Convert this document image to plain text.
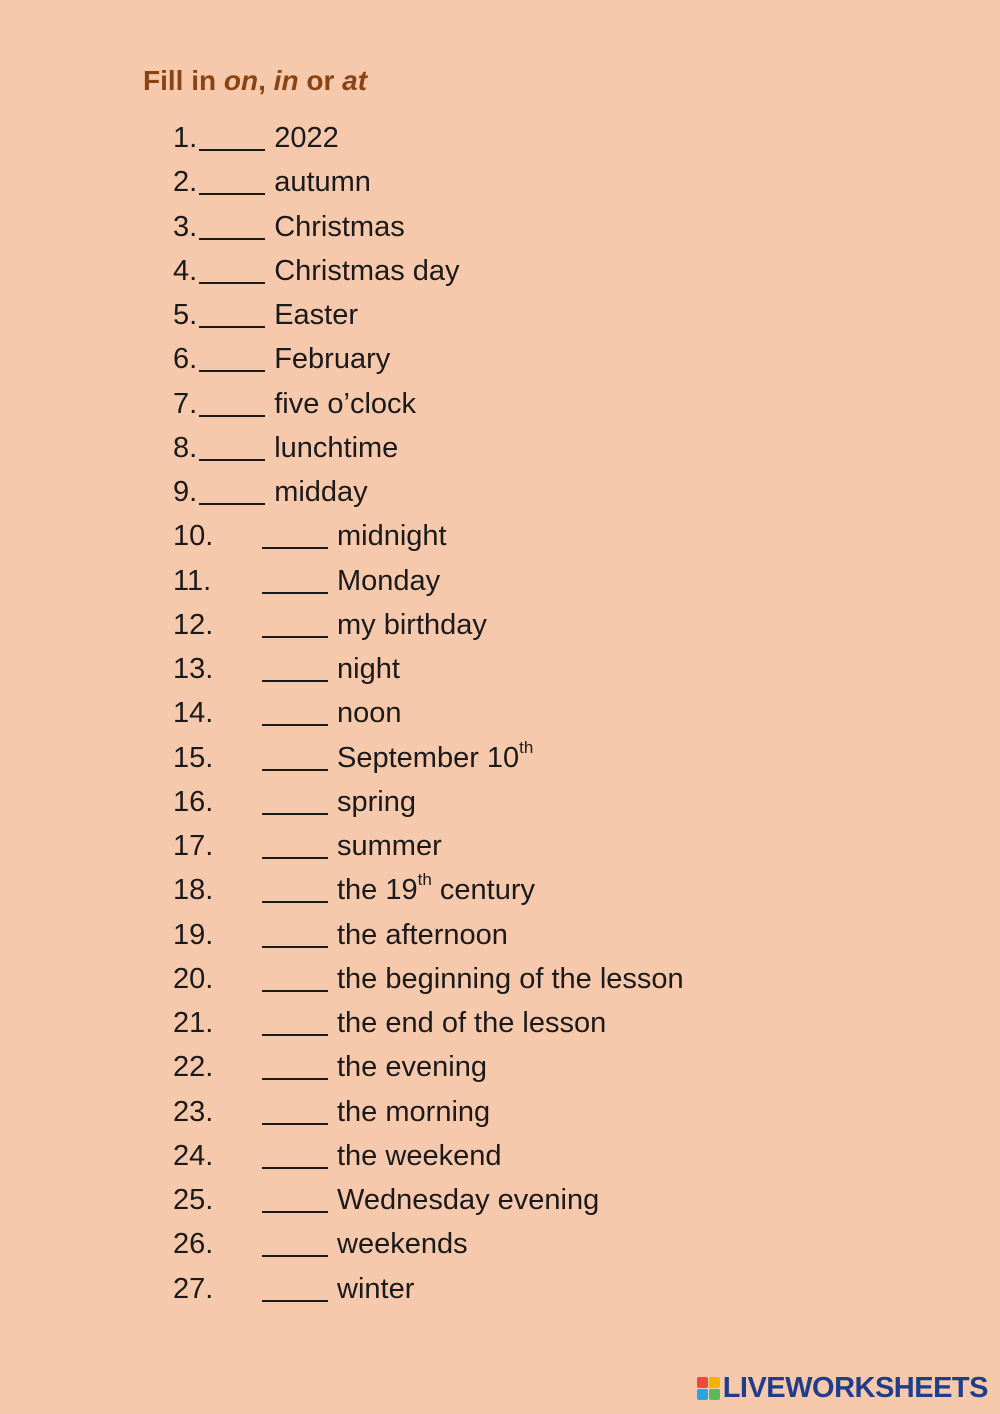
Fill in on, in or at
1.	2022
2.	autumn
3.	Christmas
4.	Christmas day
5.	Easter
6.	February
7.	five o’clock
8.	lunchtime
9.	midday
10.	midnight
11.	Monday
12.	my birthday
13.	night
14.	noon
15.	September 10th
16.	spring
17.	summer
18.	the 19th century
19.	the afternoon
20.	the beginning of the lesson
21.	the end of the lesson
22.	the evening
23.	the morning
24.	the weekend
25.	Wednesday evening
26.	weekends
27.	winter
LIVEWORKSHEETS
